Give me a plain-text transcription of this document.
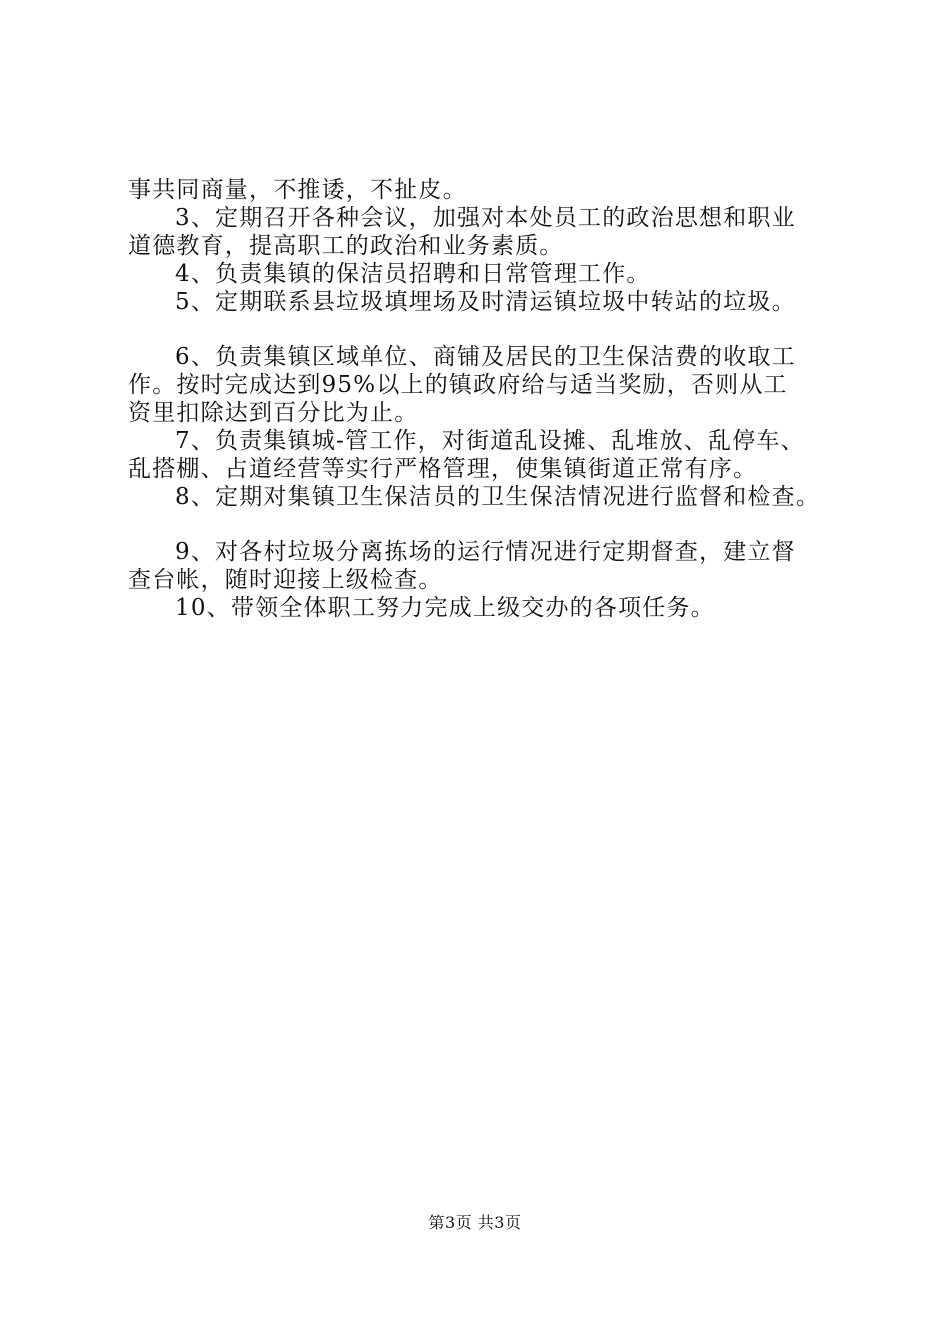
事共同商量，不推诿，不扯皮。
3、定期召开各种会议，加强对本处员工的政治思想和职业
道德教育，提高职工的政治和业务素质。
4、负责集镇的保洁员招聘和日常管理工作。
5、定期联系县垃圾填埋场及时清运镇垃圾中转站的垃圾。
6、负责集镇区域单位、商铺及居民的卫生保洁费的收取工
作。按时完成达到95%以上的镇政府给与适当奖励，否则从工
资里扣除达到百分比为止。
7、负责集镇城-管工作，对街道乱设摊、乱堆放、乱停车、
乱搭棚、占道经营等实行严格管理，使集镇街道正常有序。
8、定期对集镇卫生保洁员的卫生保洁情况进行监督和检查。
9、对各村垃圾分离拣场的运行情况进行定期督查，建立督
查台帐，随时迎接上级检查。
10、带领全体职工努力完成上级交办的各项任务。
第3页 共3页
